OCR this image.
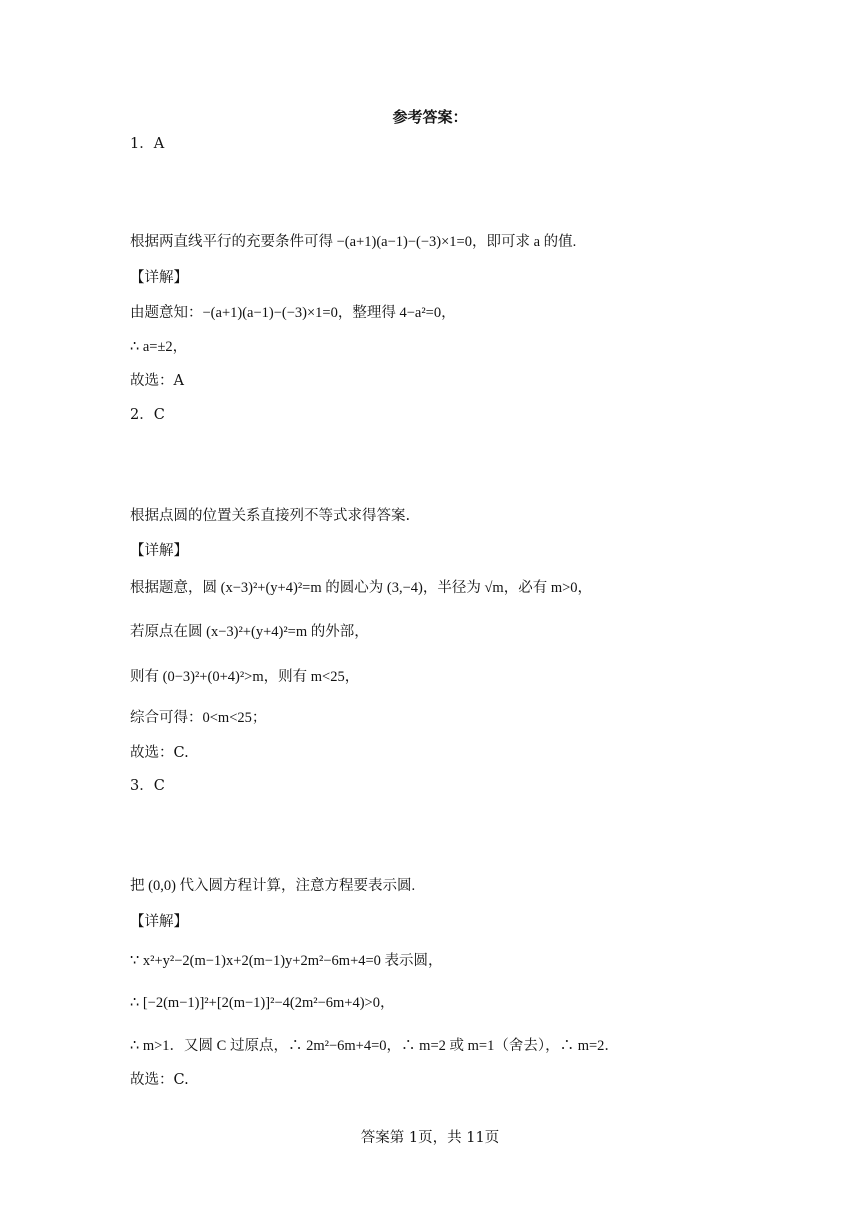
参考答案：
1．A
根据两直线平行的充要条件可得 −(a+1)(a−1)−(−3)×1=0，即可求 a 的值.
【详解】
由题意知：−(a+1)(a−1)−(−3)×1=0，整理得 4−a²=0，
∴ a=±2，
故选：A
2．C
根据点圆的位置关系直接列不等式求得答案.
【详解】
根据题意，圆 (x−3)²+(y+4)²=m 的圆心为 (3,−4)，半径为 √m，必有 m>0，
若原点在圆 (x−3)²+(y+4)²=m 的外部，
则有 (0−3)²+(0+4)²>m，则有 m<25，
综合可得：0<m<25；
故选：C.
3．C
把 (0,0) 代入圆方程计算，注意方程要表示圆.
【详解】
∵ x²+y²−2(m−1)x+2(m−1)y+2m²−6m+4=0 表示圆，
∴ [−2(m−1)]²+[2(m−1)]²−4(2m²−6m+4)>0，
∴ m>1．又圆 C 过原点，∴ 2m²−6m+4=0，∴ m=2 或 m=1（舍去），∴ m=2．
故选：C.
答案第 1页，共 11页
